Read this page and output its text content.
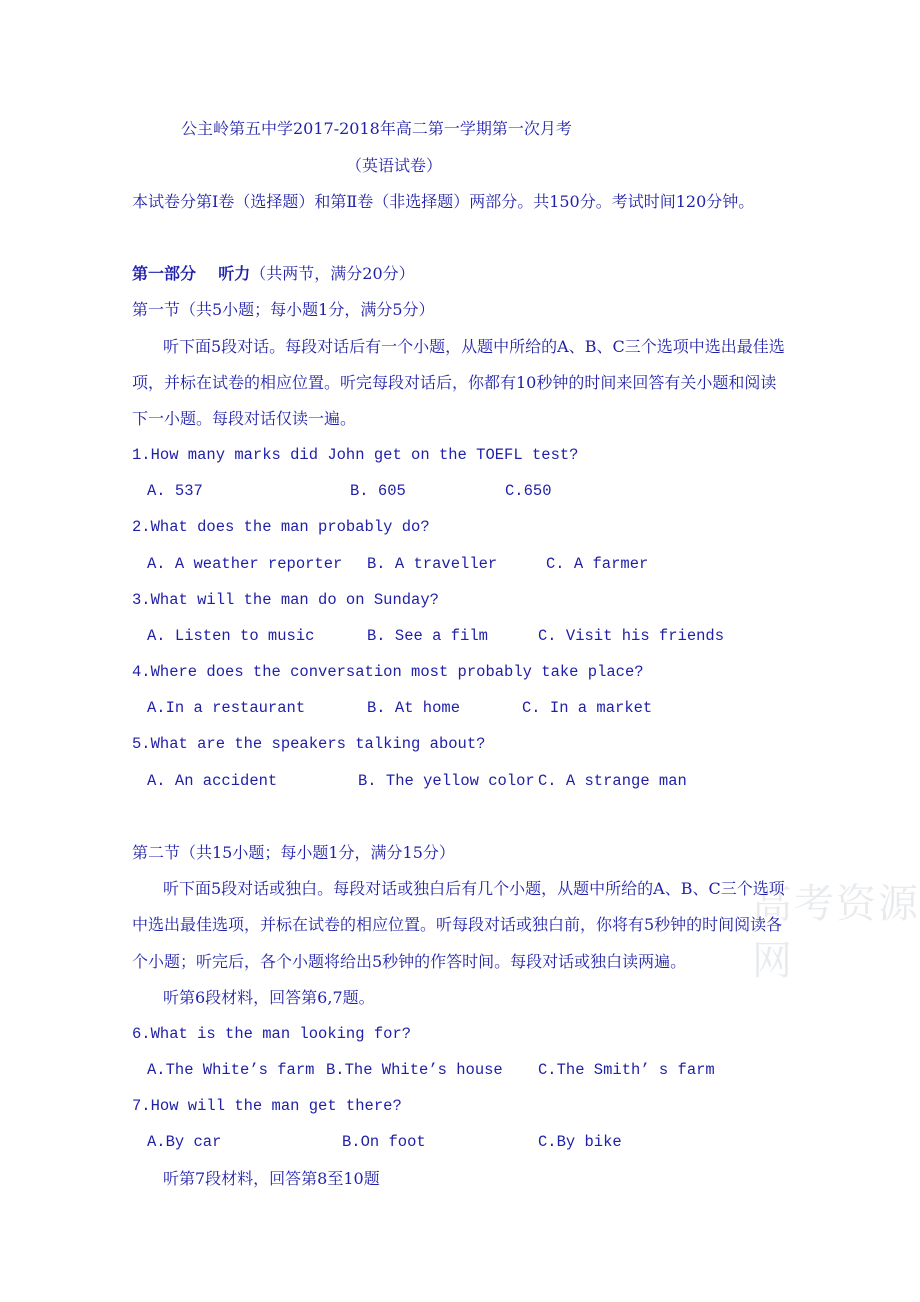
高考资源网
公主岭第五中学2017-2018年高二第一学期第一次月考
（英语试卷）
本试卷分第Ⅰ卷（选择题）和第Ⅱ卷（非选择题）两部分。共150分。考试时间120分钟。
第一部分    听力（共两节，满分20分）
第一节（共5小题；每小题1分，满分5分）
听下面5段对话。每段对话后有一个小题，从题中所给的A、B、C三个选项中选出最佳选
项，并标在试卷的相应位置。听完每段对话后，你都有10秒钟的时间来回答有关小题和阅读
下一小题。每段对话仅读一遍。
1.How many marks did John get on the TOEFL test?
A. 537	B. 605	C.650
2.What does the man probably do?
A. A weather reporter B. A traveller	C. A farmer
3.What will the man do on Sunday?
A. Listen to music	B. See a film	C. Visit his friends
4.Where does the conversation most probably take place?
A.In a restaurant	B. At home	C. In a market
5.What are the speakers talking about?
A. An accident	B. The yellow color C. A strange man
第二节（共15小题；每小题1分，满分15分）
听下面5段对话或独白。每段对话或独白后有几个小题，从题中所给的A、B、C三个选项
中选出最佳选项，并标在试卷的相应位置。听每段对话或独白前，你将有5秒钟的时间阅读各
个小题；听完后，各个小题将给出5秒钟的作答时间。每段对话或独白读两遍。
听第6段材料，回答第6,7题。
6.What is the man looking for?
A.The White’s farm B.The White’s house C.The Smith’ s farm
7.How will the man get there?
A.By car	B.On foot	C.By bike
听第7段材料，回答第8至10题
